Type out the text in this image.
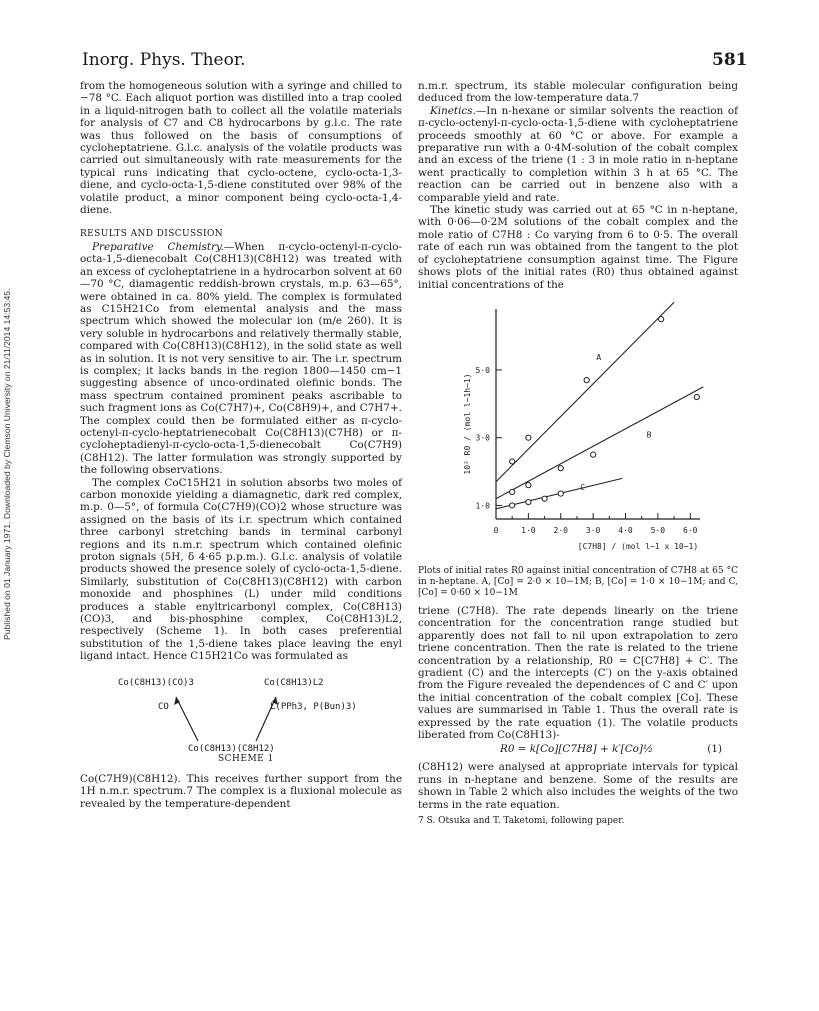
Inorg. Phys. Theor.	581
Published on 01 January 1971. Downloaded by Clemson University on 21/11/2014 14:53:45.

from the homogeneous solution with a syringe and chilled to −78 °C. Each aliquot portion was distilled into a trap cooled in a liquid-nitrogen bath to collect all the volatile materials for analysis of C7 and C8 hydrocarbons by g.l.c. The rate was thus followed on the basis of consumptions of cycloheptatriene. G.l.c. analysis of the volatile products was carried out simultaneously with rate measurements for the typical runs indicating that cyclo-octene, cyclo-octa-1,3-diene, and cyclo-octa-1,5-diene constituted over 98% of the volatile product, a minor component being cyclo-octa-1,4-diene.

RESULTS AND DISCUSSION

Preparative Chemistry.—When π-cyclo-octenyl-π-cyclo-octa-1,5-dienecobalt Co(C8H13)(C8H12) was treated with an excess of cycloheptatriene in a hydrocarbon solvent at 60—70 °C, diamagentic reddish-brown crystals, m.p. 63—65°, were obtained in ca. 80% yield. The complex is formulated as C15H21Co from elemental analysis and the mass spectrum which showed the molecular ion (m/e 260). It is very soluble in hydrocarbons and relatively thermally stable, compared with Co(C8H13)(C8H12), in the solid state as well as in solution. It is not very sensitive to air. The i.r. spectrum is complex; it lacks bands in the region 1800—1450 cm−1 suggesting absence of unco-ordinated olefinic bonds. The mass spectrum contained prominent peaks ascribable to such fragment ions as Co(C7H7)+, Co(C8H9)+, and C7H7+. The complex could then be formulated either as π-cyclo-octenyl-π-cyclo-heptatrienecobalt Co(C8H13)(C7H8) or π-cycloheptadienyl-π-cyclo-octa-1,5-dienecobalt Co(C7H9)(C8H12). The latter formulation was strongly supported by the following observations.

The complex CoC15H21 in solution absorbs two moles of carbon monoxide yielding a diamagnetic, dark red complex, m.p. 0—5°, of formula Co(C7H9)(CO)2 whose structure was assigned on the basis of its i.r. spectrum which contained three carbonyl stretching bands in terminal carbonyl regions and its n.m.r. spectrum which contained olefinic proton signals (5H, δ 4·65 p.p.m.). G.l.c. analysis of volatile products showed the presence solely of cyclo-octa-1,5-diene. Similarly, substitution of Co(C8H13)(C8H12) with carbon monoxide and phosphines (L) under mild conditions produces a stable enyltricarbonyl complex, Co(C8H13)(CO)3, and bis-phosphine complex, Co(C8H13)L2, respectively (Scheme 1). In both cases preferential substitution of the 1,5-diene takes place leaving the enyl ligand intact. Hence C15H21Co was formulated as

Co(C8H13)(CO)3	Co(C8H13)L2
CO	L(PPh3, P(Bun)3)
Co(C8H13)(C8H12)
SCHEME 1

Co(C7H9)(C8H12). This receives further support from the 1H n.m.r. spectrum.7 The complex is a fluxional molecule as revealed by the temperature-dependent

n.m.r. spectrum, its stable molecular configuration being deduced from the low-temperature data.7

Kinetics.—In n-hexane or similar solvents the reaction of π-cyclo-octenyl-π-cyclo-octa-1,5-diene with cycloheptatriene proceeds smoothly at 60 °C or above. For example a preparative run with a 0·4M-solution of the cobalt complex and an excess of the triene (1 : 3 in mole ratio in n-heptane went practically to completion within 3 h at 65 °C. The reaction can be carried out in benzene also with a comparable yield and rate.

The kinetic study was carried out at 65 °C in n-heptane, with 0·06—0·2M solutions of the cobalt complex and the mole ratio of C7H8 : Co varying from 6 to 0·5. The overall rate of each run was obtained from the tangent to the plot of cycloheptatriene consumption against time. The Figure shows plots of the initial rates (R0) thus obtained against initial concentrations of the

0	1·0 2·0 3·0 4·0 5·0 6·0
1·0
3·0
5·0
[C7H8] / (mol l−1 x 10−1)
10² R0 / (mol l−1h−1)
A
B
C

Plots of initial rates R0 against initial concentration of C7H8 at 65 °C in n-heptane. A, [Co] = 2·0 × 10−1M; B, [Co] = 1·0 × 10−1M; and C, [Co] = 0·60 × 10−1M

triene (C7H8). The rate depends linearly on the triene concentration for the concentration range studied but apparently does not fall to nil upon extrapolation to zero triene concentration. Then the rate is related to the triene concentration by a relationship, R0 = C[C7H8] + C′. The gradient (C) and the intercepts (C′) on the y-axis obtained from the Figure revealed the dependences of C and C′ upon the initial concentration of the cobalt complex [Co]. These values are summarised in Table 1. Thus the overall rate is expressed by the rate equation (1). The volatile products liberated from Co(C8H13)-

R0 = k[Co][C7H8] + k′[Co]½	(1)

(C8H12) were analysed at appropriate intervals for typical runs in n-heptane and benzene. Some of the results are shown in Table 2 which also includes the weights of the two terms in the rate equation.

7 S. Otsuka and T. Taketomi, following paper.
